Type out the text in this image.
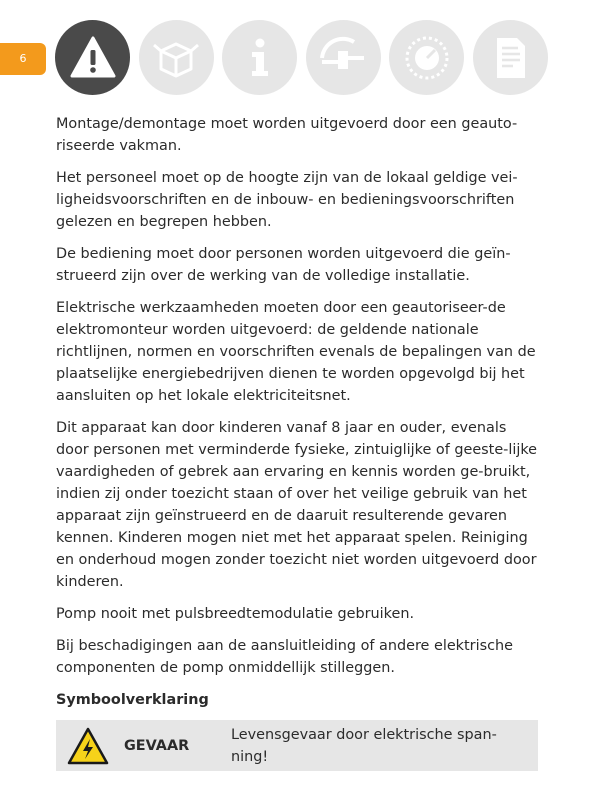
6

Montage/demontage moet worden uitgevoerd door een geauto-riseerde vakman.

Het personeel moet op de hoogte zijn van de lokaal geldige vei-ligheidsvoorschriften en de inbouw- en bedieningsvoorschriften gelezen en begrepen hebben.

De bediening moet door personen worden uitgevoerd die geïn-strueerd zijn over de werking van de volledige installatie.

Elektrische werkzaamheden moeten door een geautoriseer-de elektromonteur worden uitgevoerd: de geldende nationale richtlijnen, normen en voorschriften evenals de bepalingen van de plaatselijke energiebedrijven dienen te worden opgevolgd bij het aansluiten op het lokale elektriciteitsnet.

Dit apparaat kan door kinderen vanaf 8 jaar en ouder, evenals door personen met verminderde fysieke, zintuiglijke of geeste-lijke vaardigheden of gebrek aan ervaring en kennis worden ge-bruikt, indien zij onder toezicht staan of over het veilige gebruik van het apparaat zijn geïnstrueerd en de daaruit resulterende gevaren kennen. Kinderen mogen niet met het apparaat spelen. Reiniging en onderhoud mogen zonder toezicht niet worden uitgevoerd door kinderen.

Pomp nooit met pulsbreedtemodulatie gebruiken.

Bij beschadigingen aan de aansluitleiding of andere elektrische componenten de pomp onmiddellijk stilleggen.

Symboolverklaring
GEVAAR
Levensgevaar door elektrische span-ning!
